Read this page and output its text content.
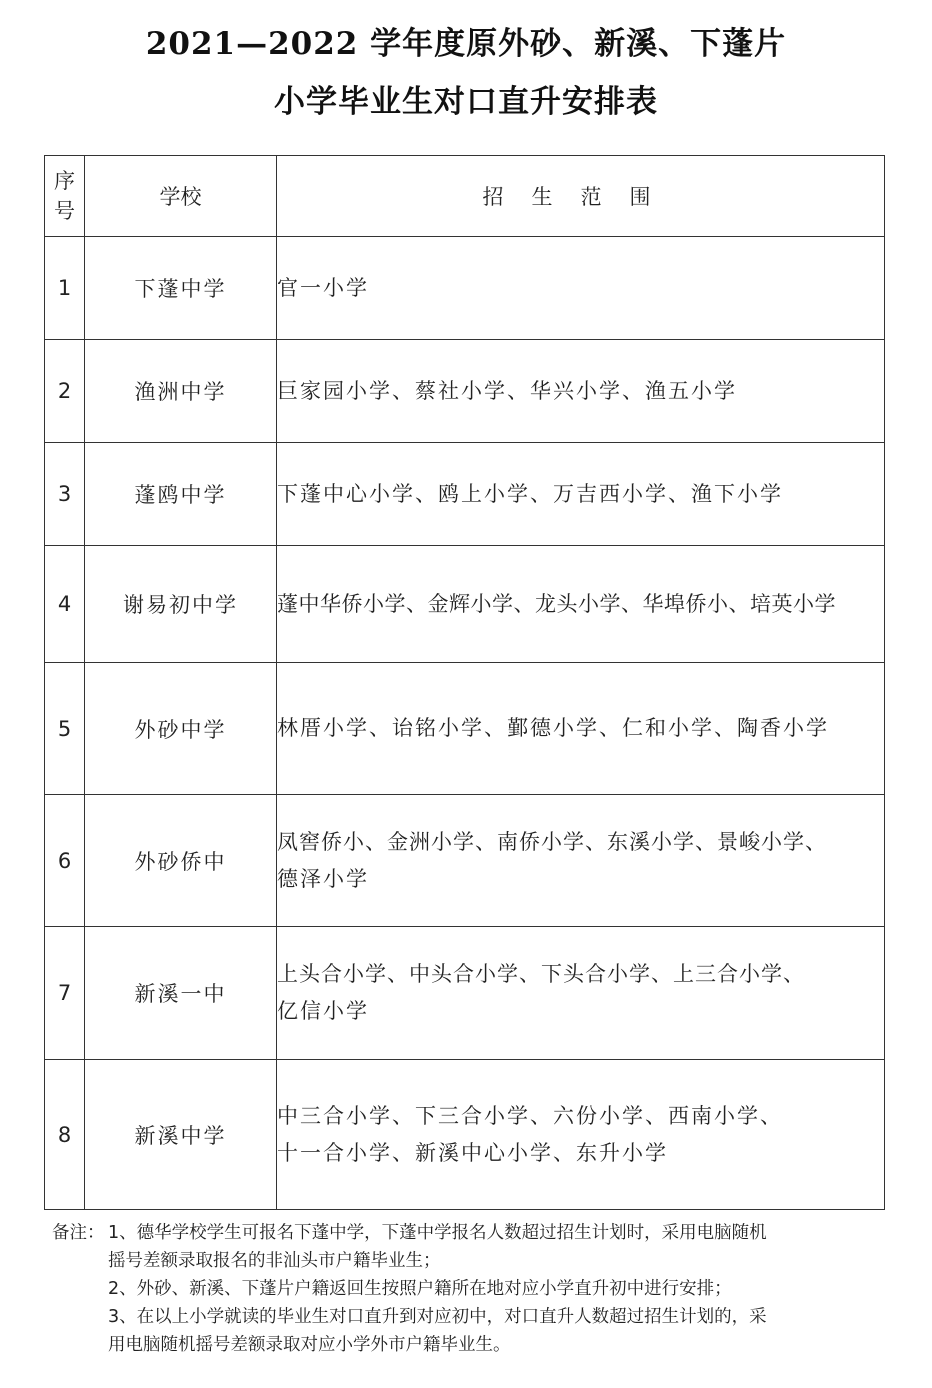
2021—2022 学年度原外砂、新溪、下蓬片
小学毕业生对口直升安排表
序
号	学校	招生范围
1	下蓬中学	官一小学

2	渔洲中学	巨家园小学、蔡社小学、华兴小学、渔五小学

3	蓬鸥中学	下蓬中心小学、鸥上小学、万吉西小学、渔下小学

4	谢易初中学	蓬中华侨小学、金辉小学、龙头小学、华埠侨小、培英小学

5	外砂中学	林厝小学、诒铭小学、鄞德小学、仁和小学、陶香小学

6	外砂侨中	凤窖侨小、金洲小学、南侨小学、东溪小学、景峻小学、
德泽小学

7	新溪一中	上头合小学、中头合小学、下头合小学、上三合小学、
亿信小学

8	新溪中学	中三合小学、下三合小学、六份小学、西南小学、
十一合小学、新溪中心小学、东升小学
备注： 1、德华学校学生可报名下蓬中学，下蓬中学报名人数超过招生计划时，采用电脑随机
摇号差额录取报名的非汕头市户籍毕业生；
2、外砂、新溪、下蓬片户籍返回生按照户籍所在地对应小学直升初中进行安排；
3、在以上小学就读的毕业生对口直升到对应初中，对口直升人数超过招生计划的，采
用电脑随机摇号差额录取对应小学外市户籍毕业生。
